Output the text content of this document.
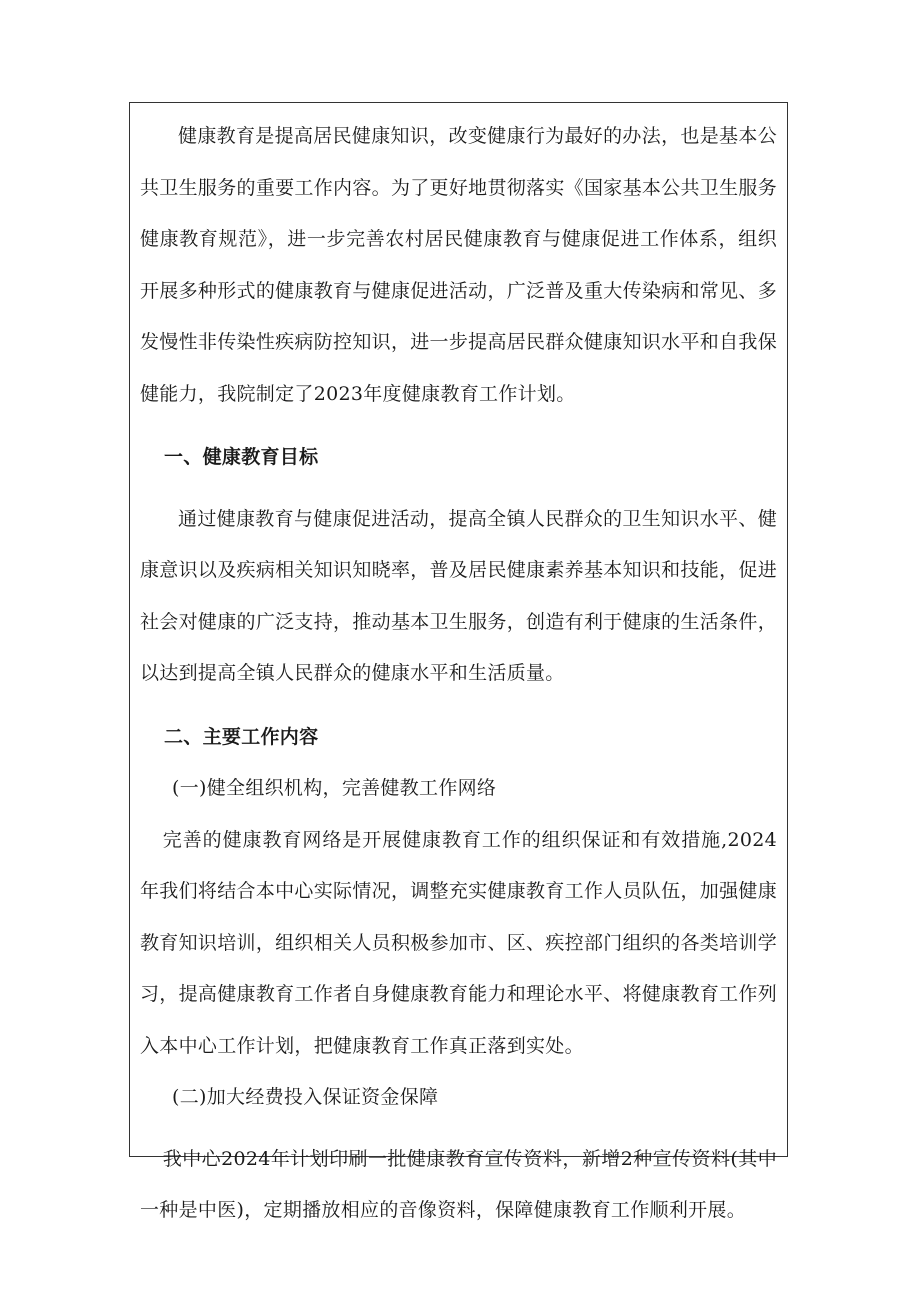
健康教育是提高居民健康知识，改变健康行为最好的办法，也是基本公共卫生服务的重要工作内容。为了更好地贯彻落实《国家基本公共卫生服务健康教育规范》，进一步完善农村居民健康教育与健康促进工作体系，组织开展多种形式的健康教育与健康促进活动，广泛普及重大传染病和常见、多发慢性非传染性疾病防控知识，进一步提高居民群众健康知识水平和自我保健能力，我院制定了2023年度健康教育工作计划。

一、健康教育目标

通过健康教育与健康促进活动，提高全镇人民群众的卫生知识水平、健康意识以及疾病相关知识知晓率，普及居民健康素养基本知识和技能，促进社会对健康的广泛支持，推动基本卫生服务，创造有利于健康的生活条件，以达到提高全镇人民群众的健康水平和生活质量。

二、主要工作内容

(一)健全组织机构，完善健教工作网络

完善的健康教育网络是开展健康教育工作的组织保证和有效措施,2024年我们将结合本中心实际情况，调整充实健康教育工作人员队伍，加强健康教育知识培训，组织相关人员积极参加市、区、疾控部门组织的各类培训学习，提高健康教育工作者自身健康教育能力和理论水平、将健康教育工作列入本中心工作计划，把健康教育工作真正落到实处。

(二)加大经费投入保证资金保障

我中心2024年计划印刷一批健康教育宣传资料，新增2种宣传资料(其中一种是中医)，定期播放相应的音像资料，保障健康教育工作顺利开展。
